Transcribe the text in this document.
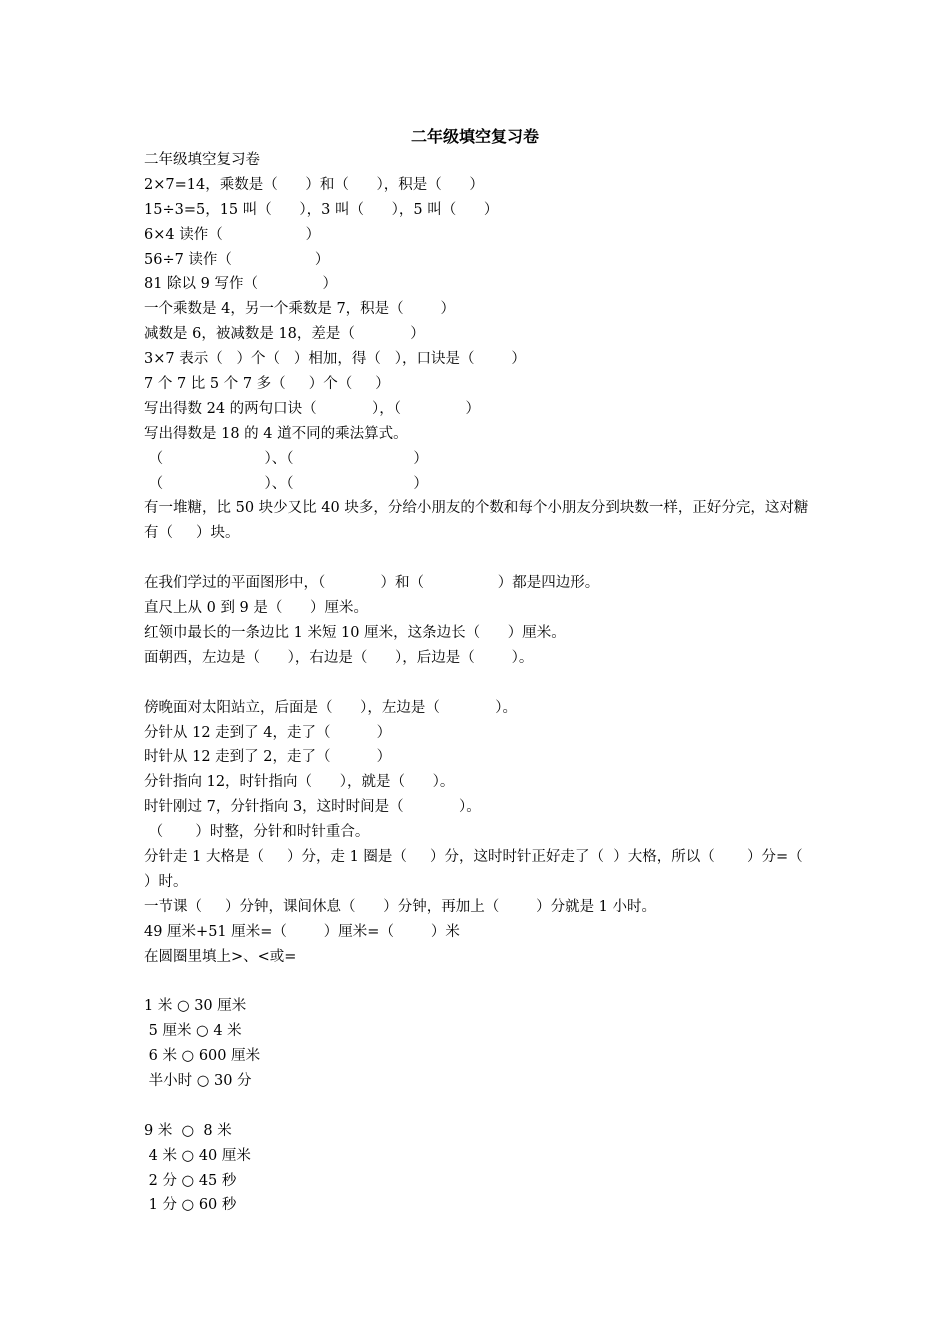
二年级填空复习卷
二年级填空复习卷
2×7=14，乘数是（      ）和（      ），积是（      ）
15÷3=5，15 叫（      ），3 叫（      ），5 叫（      ）
6×4 读作（                  ）
56÷7 读作（                  ）
81 除以 9 写作（              ）
一个乘数是 4，另一个乘数是 7，积是（        ）
减数是 6，被减数是 18，差是（            ）
3×7 表示（   ）个（   ）相加，得（   ），口诀是（        ）
7 个 7 比 5 个 7 多（     ）个（     ）
写出得数 24 的两句口诀（            ），（              ）
写出得数是 18 的 4 道不同的乘法算式。
（                      ）、（                          ）
（                      ）、（                          ）
有一堆糖，比 50 块少又比 40 块多，分给小朋友的个数和每个小朋友分到块数一样，正好分完，这对糖有（     ）块。
在我们学过的平面图形中，（            ）和（                ）都是四边形。
直尺上从 0 到 9 是（      ）厘米。
红领巾最长的一条边比 1 米短 10 厘米，这条边长（      ）厘米。
面朝西，左边是（      ），右边是（      ），后边是（        ）。
傍晚面对太阳站立，后面是（      ），左边是（            ）。
分针从 12 走到了 4，走了（          ）
时针从 12 走到了 2，走了（          ）
分针指向 12，时针指向（      ），就是（      ）。
时针刚过 7，分针指向 3，这时时间是（            ）。
（       ）时整，分针和时针重合。
分针走 1 大格是（     ）分，走 1 圈是（     ）分，这时时针正好走了（  ）大格，所以（       ）分=（     ）时。
一节课（     ）分钟，课间休息（      ）分钟，再加上（        ）分就是 1 小时。
49 厘米+51 厘米=（        ）厘米=（        ）米
在圆圈里填上>、<或=
1 米 ○ 30 厘米
5 厘米 ○ 4 米
6 米 ○ 600 厘米
半小时 ○ 30 分
9 米  ○  8 米
4 米 ○ 40 厘米
2 分 ○ 45 秒
1 分 ○ 60 秒
